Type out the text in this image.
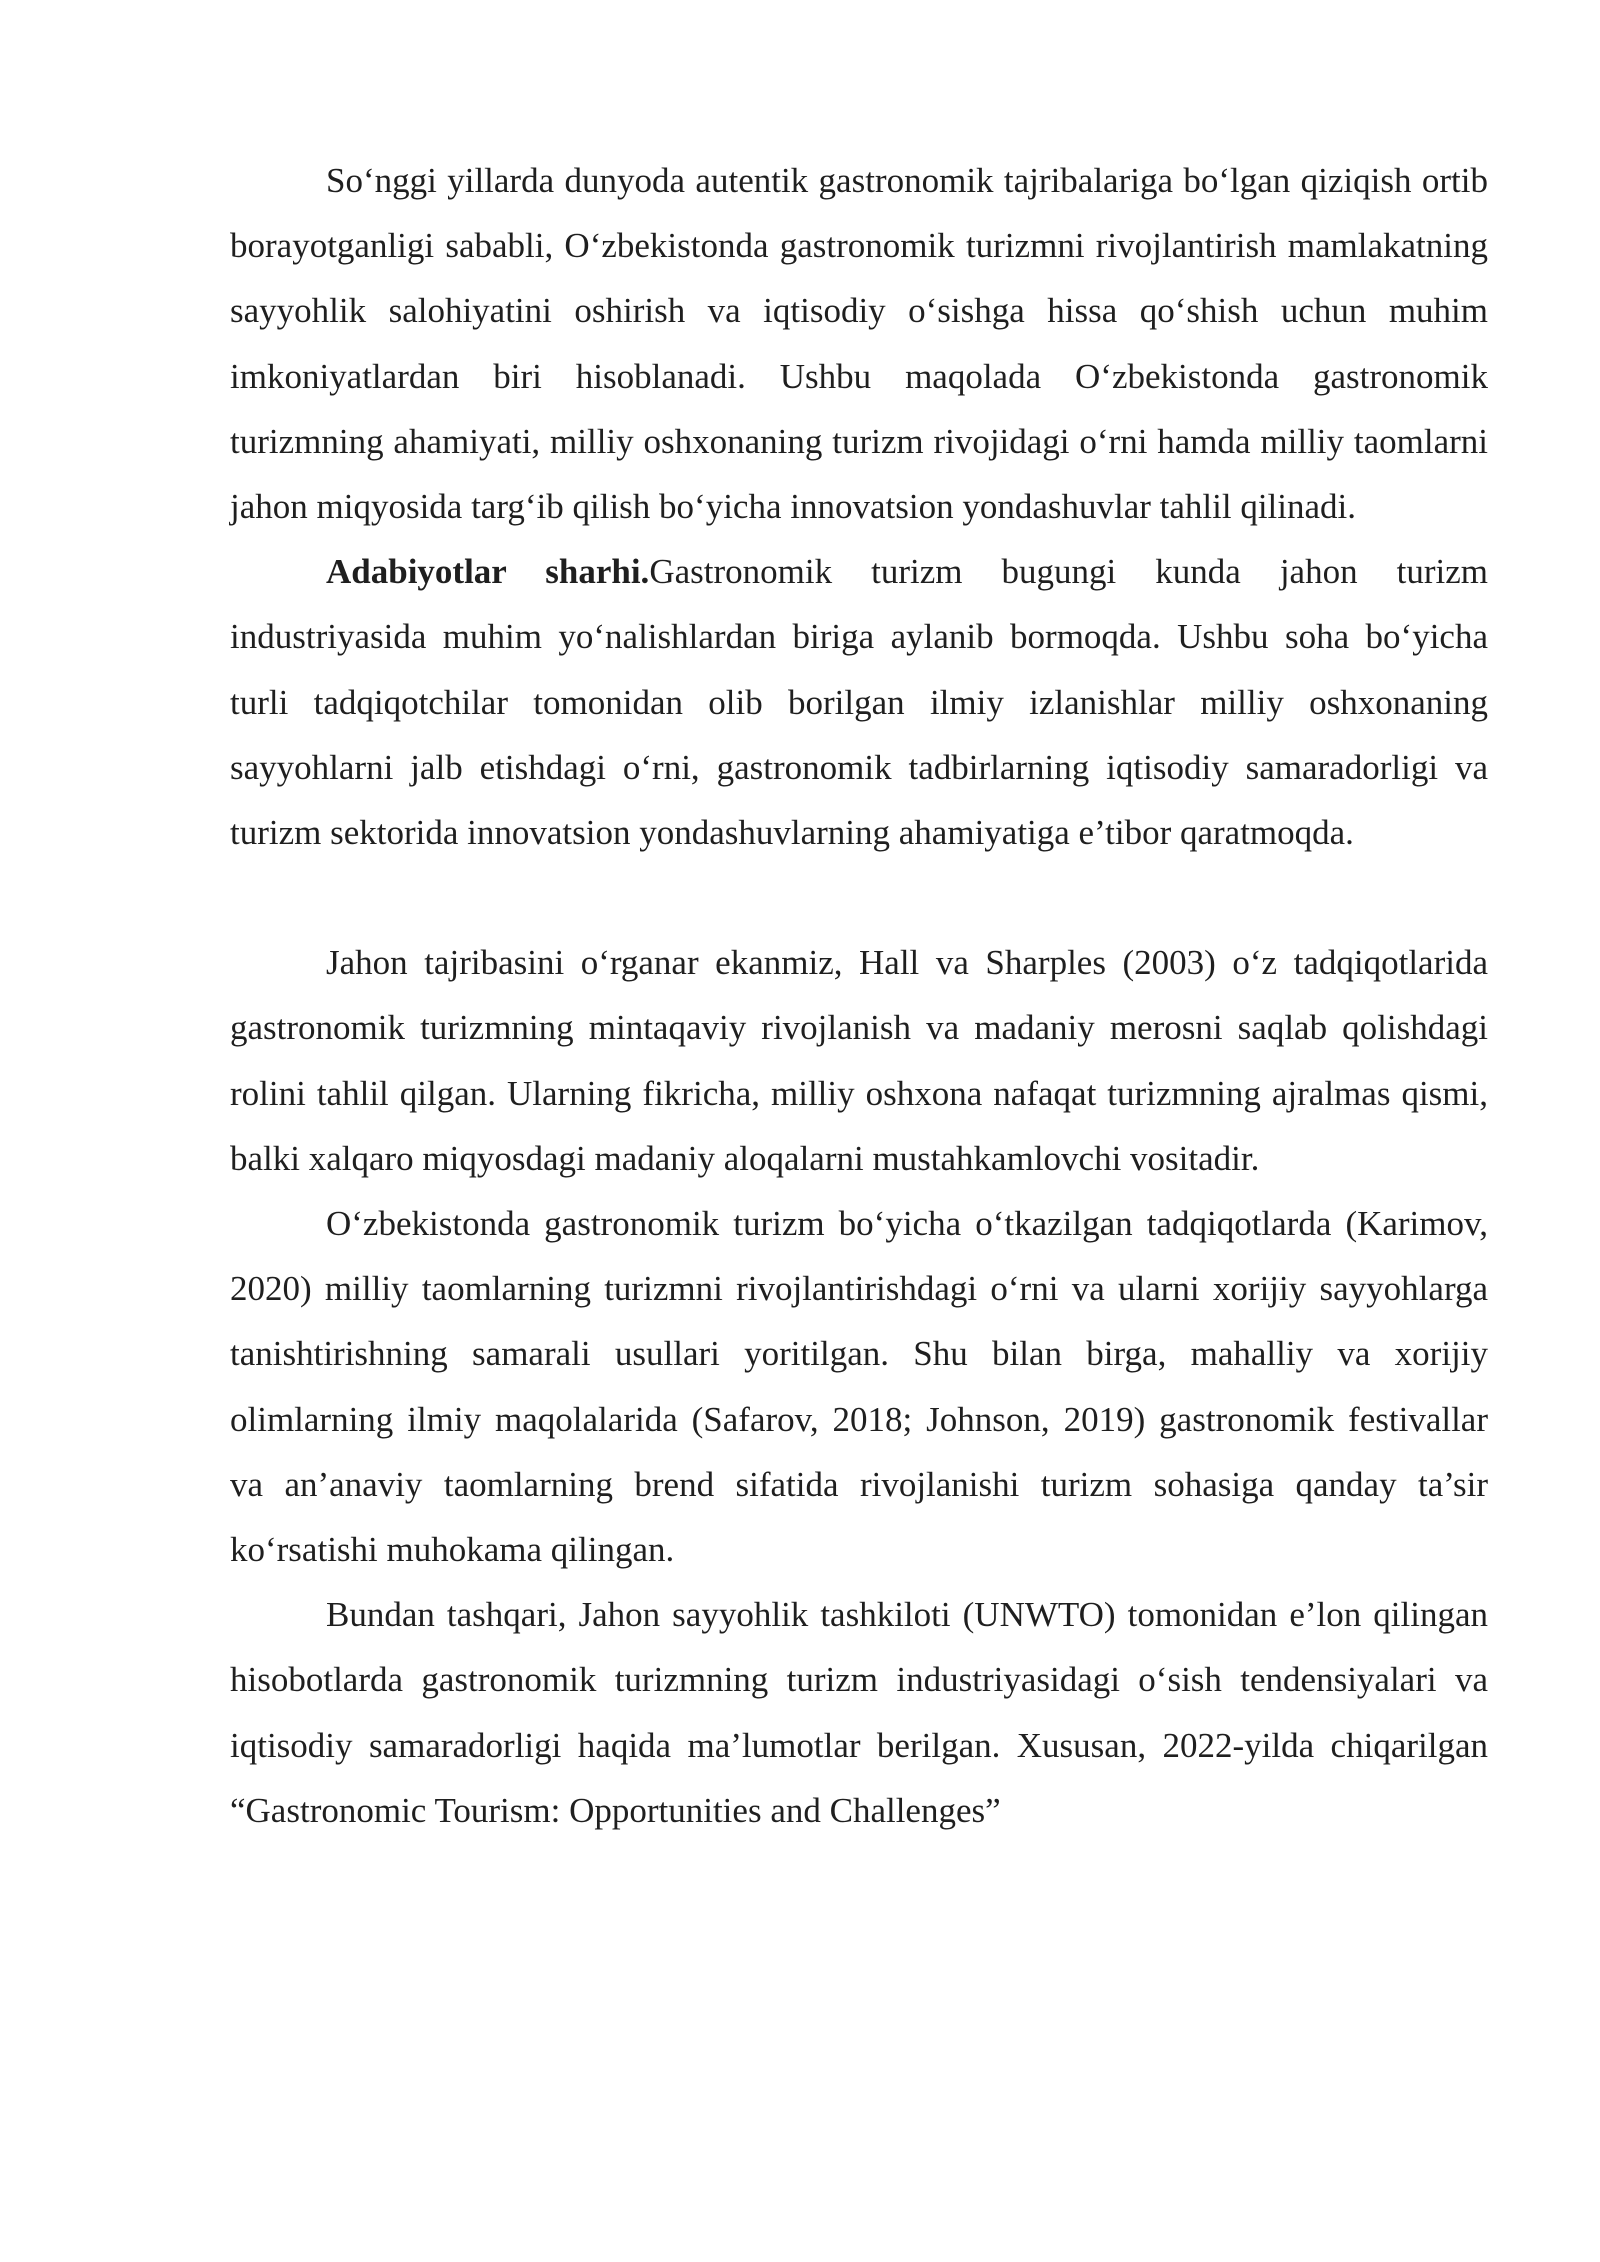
So‘nggi yillarda dunyoda autentik gastronomik tajribalariga bo‘lgan qiziqish ortib borayotganligi sababli, O‘zbekistonda gastronomik turizmni rivojlantirish mamlakatning sayyohlik salohiyatini oshirish va iqtisodiy o‘sishga hissa qo‘shish uchun muhim imkoniyatlardan biri hisoblanadi. Ushbu maqolada O‘zbekistonda gastronomik turizmning ahamiyati, milliy oshxonaning turizm rivojidagi o‘rni hamda milliy taomlarni jahon miqyosida targ‘ib qilish bo‘yicha innovatsion yondashuvlar tahlil qilinadi.

Adabiyotlar sharhi.Gastronomik turizm bugungi kunda jahon turizm industriyasida muhim yo‘nalishlardan biriga aylanib bormoqda. Ushbu soha bo‘yicha turli tadqiqotchilar tomonidan olib borilgan ilmiy izlanishlar milliy oshxonaning sayyohlarni jalb etishdagi o‘rni, gastronomik tadbirlarning iqtisodiy samaradorligi va turizm sektorida innovatsion yondashuvlarning ahamiyatiga e’tibor qaratmoqda.

Jahon tajribasini o‘rganar ekanmiz, Hall va Sharples (2003) o‘z tadqiqotlarida gastronomik turizmning mintaqaviy rivojlanish va madaniy merosni saqlab qolishdagi rolini tahlil qilgan. Ularning fikricha, milliy oshxona nafaqat turizmning ajralmas qismi, balki xalqaro miqyosdagi madaniy aloqalarni mustahkamlovchi vositadir.

O‘zbekistonda gastronomik turizm bo‘yicha o‘tkazilgan tadqiqotlarda (Karimov, 2020) milliy taomlarning turizmni rivojlantirishdagi o‘rni va ularni xorijiy sayyohlarga tanishtirishning samarali usullari yoritilgan. Shu bilan birga, mahalliy va xorijiy olimlarning ilmiy maqolalarida (Safarov, 2018; Johnson, 2019) gastronomik festivallar va an’anaviy taomlarning brend sifatida rivojlanishi turizm sohasiga qanday ta’sir ko‘rsatishi muhokama qilingan.

Bundan tashqari, Jahon sayyohlik tashkiloti (UNWTO) tomonidan e’lon qilingan hisobotlarda gastronomik turizmning turizm industriyasidagi o‘sish tendensiyalari va iqtisodiy samaradorligi haqida ma’lumotlar berilgan. Xususan, 2022-yilda chiqarilgan “Gastronomic Tourism: Opportunities and Challenges”
